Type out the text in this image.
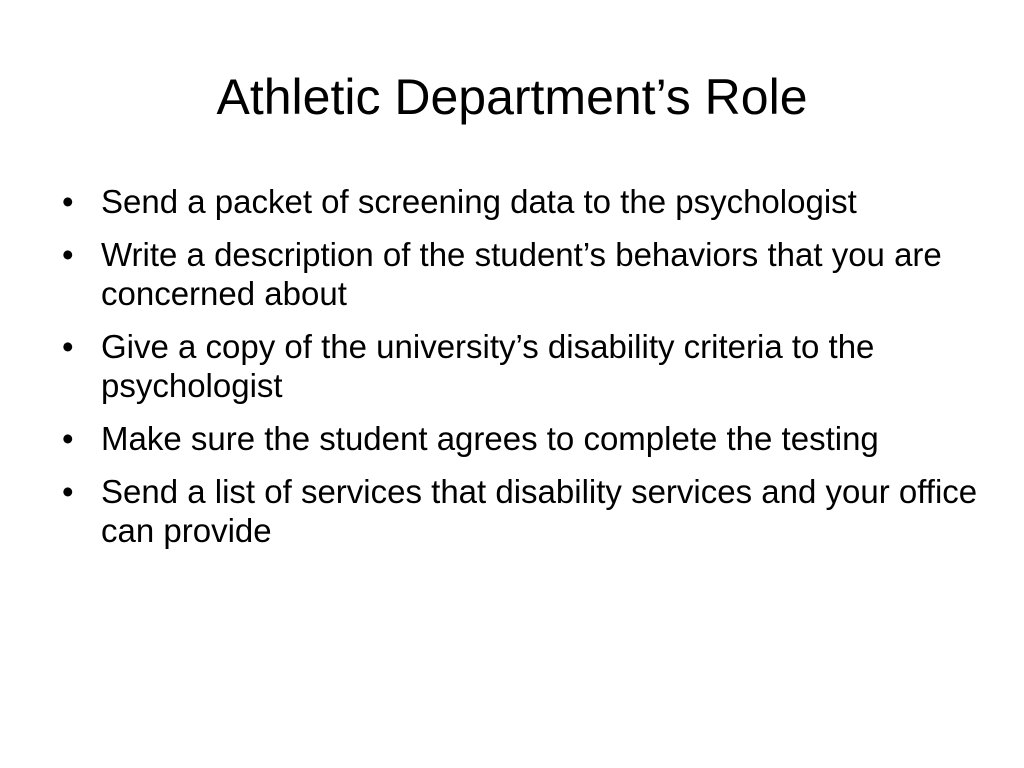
Athletic Department’s Role
• Send a packet of screening data to the psychologist
• Write a description of the student’s behaviors that you are concerned about
• Give a copy of the university’s disability criteria to the psychologist
• Make sure the student agrees to complete the testing
• Send a list of services that disability services and your office can provide
